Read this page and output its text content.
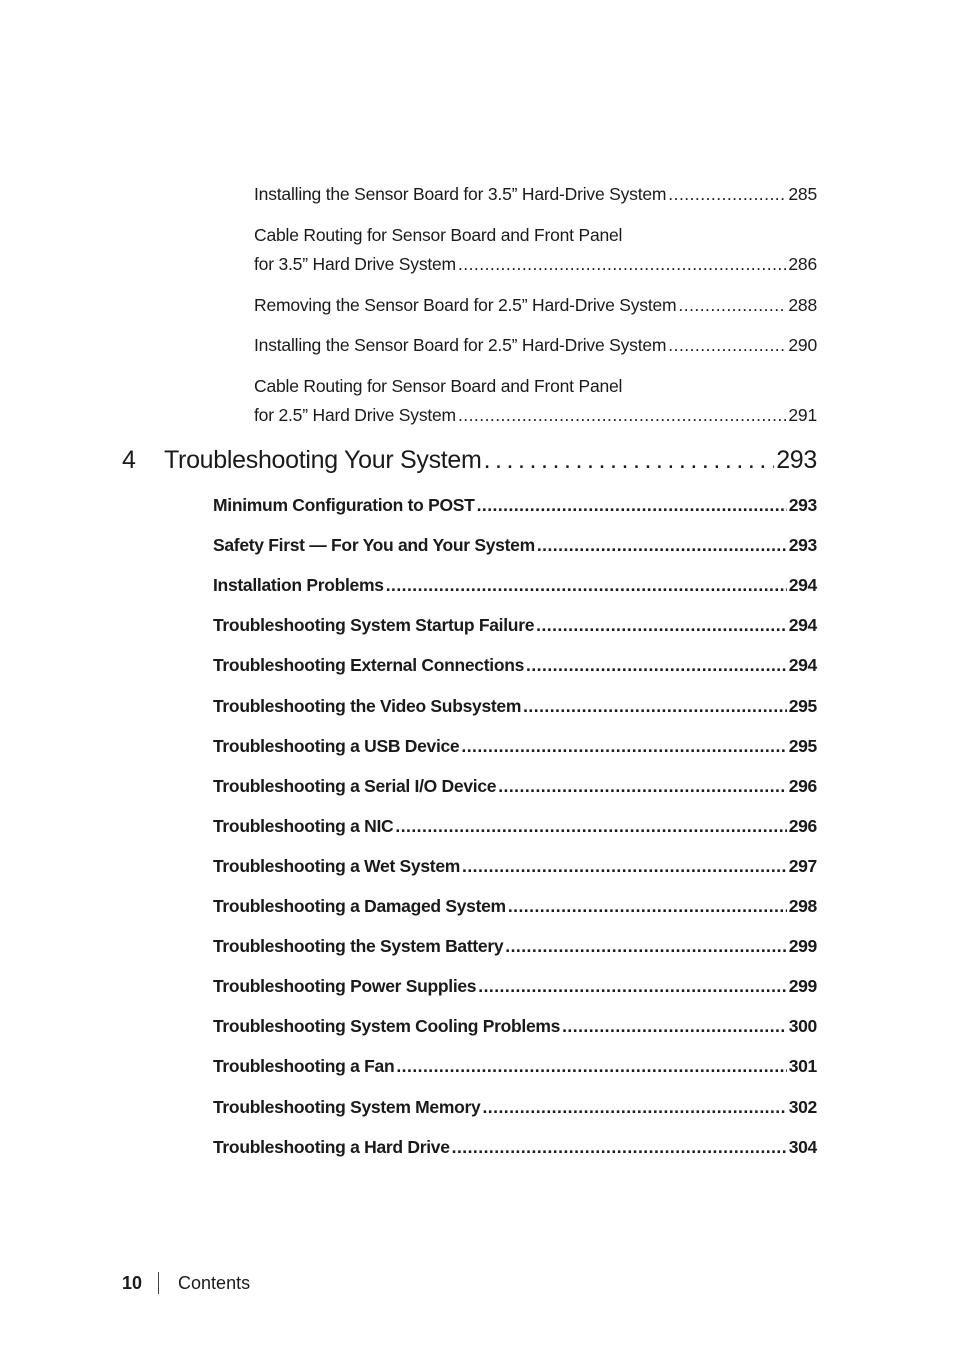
Installing the Sensor Board for 3.5” Hard-Drive System . . .	285
Cable Routing for Sensor Board and Front Panel
for 3.5” Hard Drive System . . .	286
Removing the Sensor Board for 2.5” Hard-Drive System . . .	288
Installing the Sensor Board for 2.5” Hard-Drive System . . .	290
Cable Routing for Sensor Board and Front Panel
for 2.5” Hard Drive System . . .	291
4	Troubleshooting Your System . . .	293
Minimum Configuration to POST . . .	293
Safety First — For You and Your System . . .	293
Installation Problems . . .	294
Troubleshooting System Startup Failure . . .	294
Troubleshooting External Connections . . .	294
Troubleshooting the Video Subsystem . . .	295
Troubleshooting a USB Device . . .	295
Troubleshooting a Serial I/O Device . . .	296
Troubleshooting a NIC . . .	296
Troubleshooting a Wet System . . .	297
Troubleshooting a Damaged System . . .	298
Troubleshooting the System Battery . . .	299
Troubleshooting Power Supplies . . .	299
Troubleshooting System Cooling Problems . . .	300
Troubleshooting a Fan . . .	301
Troubleshooting System Memory . . .	302
Troubleshooting a Hard Drive . . .	304
10 Contents
